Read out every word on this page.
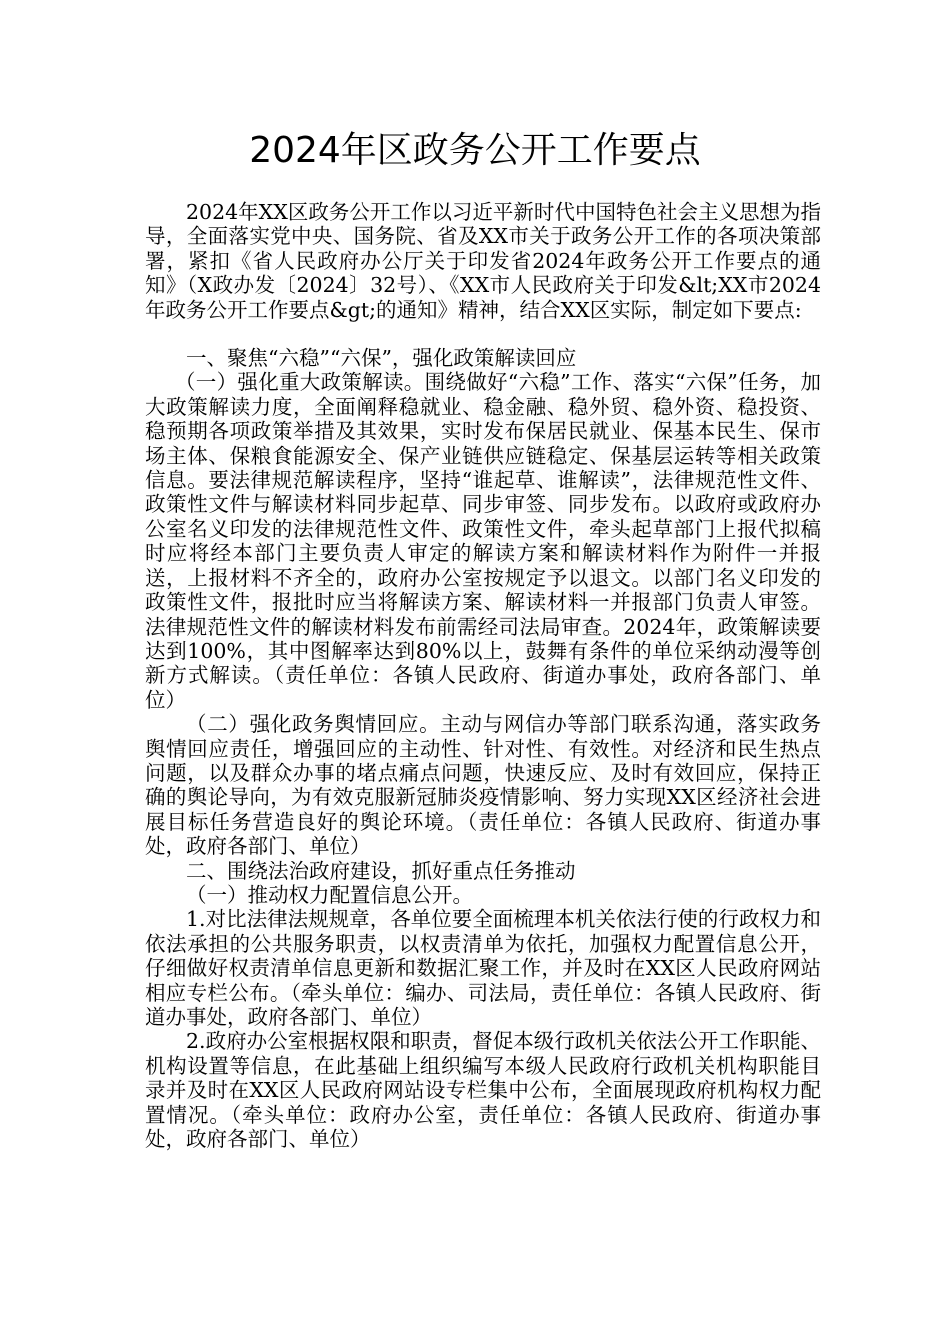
2024年区政务公开工作要点

2024年XX区政务公开工作以习近平新时代中国特色社会主义思想为指导，全面落实党中央、国务院、省及XX市关于政务公开工作的各项决策部署，紧扣《省人民政府办公厅关于印发省2024年政务公开工作要点的通知》（X政办发〔2024〕32号）、《XX市人民政府关于印发&lt;XX市2024年政务公开工作要点&gt;的通知》精神，结合XX区实际，制定如下要点:

一、聚焦“六稳”“六保”，强化政策解读回应

（一）强化重大政策解读。围绕做好“六稳”工作、落实“六保”任务，加大政策解读力度，全面阐释稳就业、稳金融、稳外贸、稳外资、稳投资、稳预期各项政策举措及其效果，实时发布保居民就业、保基本民生、保市场主体、保粮食能源安全、保产业链供应链稳定、保基层运转等相关政策信息。要法律规范解读程序，坚持“谁起草、谁解读”，法律规范性文件、政策性文件与解读材料同步起草、同步审签、同步发布。以政府或政府办公室名义印发的法律规范性文件、政策性文件，牵头起草部门上报代拟稿时应将经本部门主要负责人审定的解读方案和解读材料作为附件一并报送，上报材料不齐全的，政府办公室按规定予以退文。以部门名义印发的政策性文件，报批时应当将解读方案、解读材料一并报部门负责人审签。法律规范性文件的解读材料发布前需经司法局审查。2024年，政策解读要达到100%，其中图解率达到80%以上，鼓舞有条件的单位采纳动漫等创新方式解读。（责任单位：各镇人民政府、街道办事处，政府各部门、单位）

（二）强化政务舆情回应。主动与网信办等部门联系沟通，落实政务舆情回应责任，增强回应的主动性、针对性、有效性。对经济和民生热点问题，以及群众办事的堵点痛点问题，快速反应、及时有效回应，保持正确的舆论导向，为有效克服新冠肺炎疫情影响、努力实现XX区经济社会进展目标任务营造良好的舆论环境。（责任单位：各镇人民政府、街道办事处，政府各部门、单位）

二、围绕法治政府建设，抓好重点任务推动

（一）推动权力配置信息公开。

1.对比法律法规规章，各单位要全面梳理本机关依法行使的行政权力和依法承担的公共服务职责，以权责清单为依托，加强权力配置信息公开，仔细做好权责清单信息更新和数据汇聚工作，并及时在XX区人民政府网站相应专栏公布。（牵头单位：编办、司法局，责任单位：各镇人民政府、街道办事处，政府各部门、单位）

2.政府办公室根据权限和职责，督促本级行政机关依法公开工作职能、机构设置等信息，在此基础上组织编写本级人民政府行政机关机构职能目录并及时在XX区人民政府网站设专栏集中公布，全面展现政府机构权力配置情况。（牵头单位：政府办公室，责任单位：各镇人民政府、街道办事处，政府各部门、单位）
